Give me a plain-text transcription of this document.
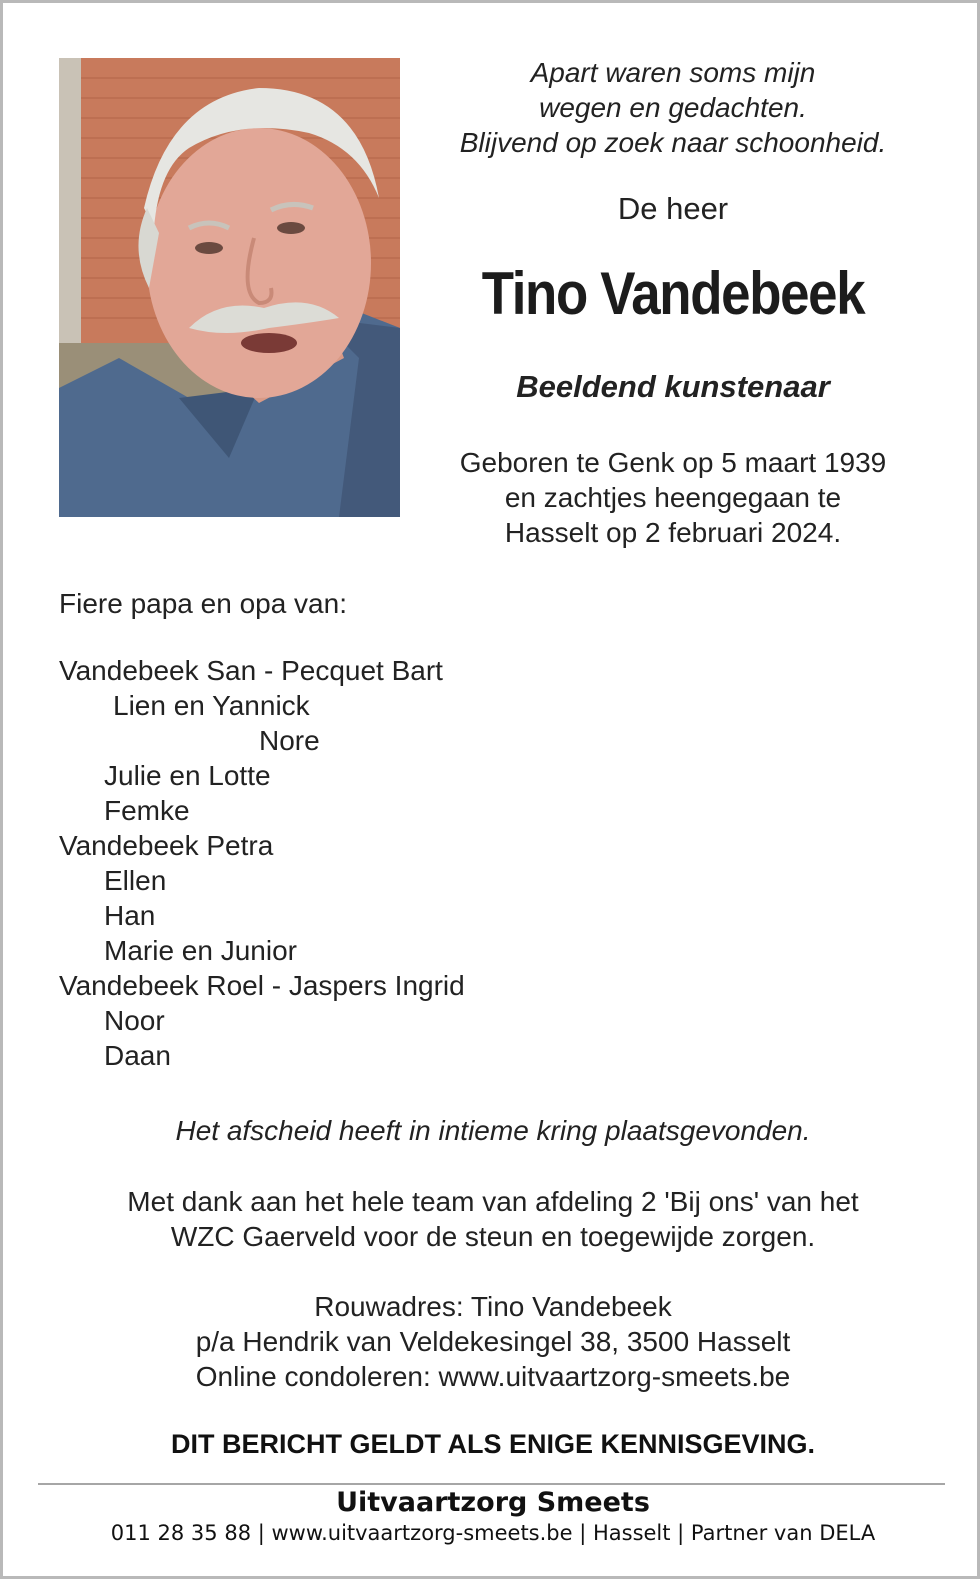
Apart waren soms mijn
wegen en gedachten.
Blijvend op zoek naar schoonheid.
De heer
Tino Vandebeek
Beeldend kunstenaar
Geboren te Genk op 5 maart 1939
en zachtjes heengegaan te
Hasselt op 2 februari 2024.
Fiere papa en opa van:
Vandebeek San - Pecquet Bart
Lien en Yannick
Nore
Julie en Lotte
Femke
Vandebeek Petra
Ellen
Han
Marie en Junior
Vandebeek Roel - Jaspers Ingrid
Noor
Daan
Het afscheid heeft in intieme kring plaatsgevonden.
Met dank aan het hele team van afdeling 2 'Bij ons' van het
WZC Gaerveld voor de steun en toegewijde zorgen.
Rouwadres: Tino Vandebeek
p/a Hendrik van Veldekesingel 38, 3500 Hasselt
Online condoleren: www.uitvaartzorg-smeets.be
DIT BERICHT GELDT ALS ENIGE KENNISGEVING.
Uitvaartzorg Smeets
011 28 35 88 | www.uitvaartzorg-smeets.be | Hasselt | Partner van DELA
